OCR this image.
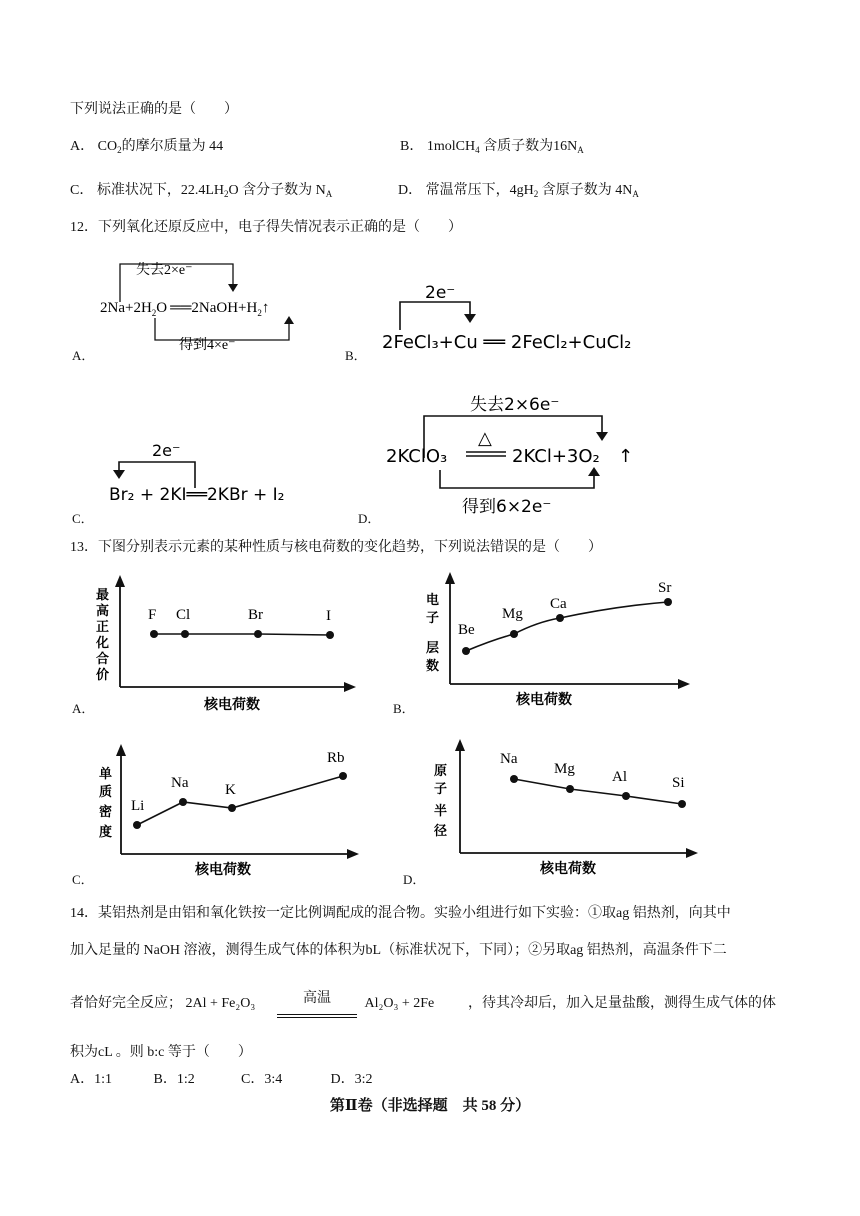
下列说法正确的是（　　）
A． $CO_2$的摩尔质量为 44	B． 1molCH$_4$ 含质子数为$16N_A$
C． 标准状况下，$22.4LH_2O$ 含分子数为 $N_A$	D． 常温常压下，$4gH_2$ 含原子数为 $4N_A$
12．下列氧化还原反应中，电子得失情况表示正确的是（　　）
A．
失去2×e⁻
$2Na+2H_2O$ $══2NaOH+H_2↑$
得到4×e⁻
B．
2e⁻
2FeCl₃+Cu ══ 2FeCl₂+CuCl₂
C．
2e⁻
Br₂ + 2KI══2KBr + I₂
D．
失去2×6e⁻
△
2KClO₃	2KCl+3O₂ ↑
得到6×2e⁻
13．下图分别表示元素的某种性质与核电荷数的变化趋势，下列说法错误的是（　　）
A．	B．
C．	D．
最
高
正
化
合
价
F Cl	Br	I
核电荷数
电
子
层
数
Be
Mg
Ca
Sr
核电荷数
单
质
密
度
Li
Na K
Rb
核电荷数
原
子
半
径
Na
Mg Al	Si
核电荷数
14．某铝热剂是由铝和氧化铁按一定比例调配成的混合物。实验小组进行如下实验：①取ag 铝热剂，向其中
加入足量的 NaOH 溶液，测得生成气体的体积为bL（标准状况下，下同）；②另取ag 铝热剂，高温条件下二
者恰好完全反应； 2Al + Fe₂O₃	高温 Al₂O₃ + 2Fe ，待其冷却后，加入足量盐酸，测得生成气体的体
积为cL 。则 b:c 等于（　　）
A．1:1	B．1:2	C．3:4	D．3:2
第Ⅱ卷（非选择题　共 58 分）
